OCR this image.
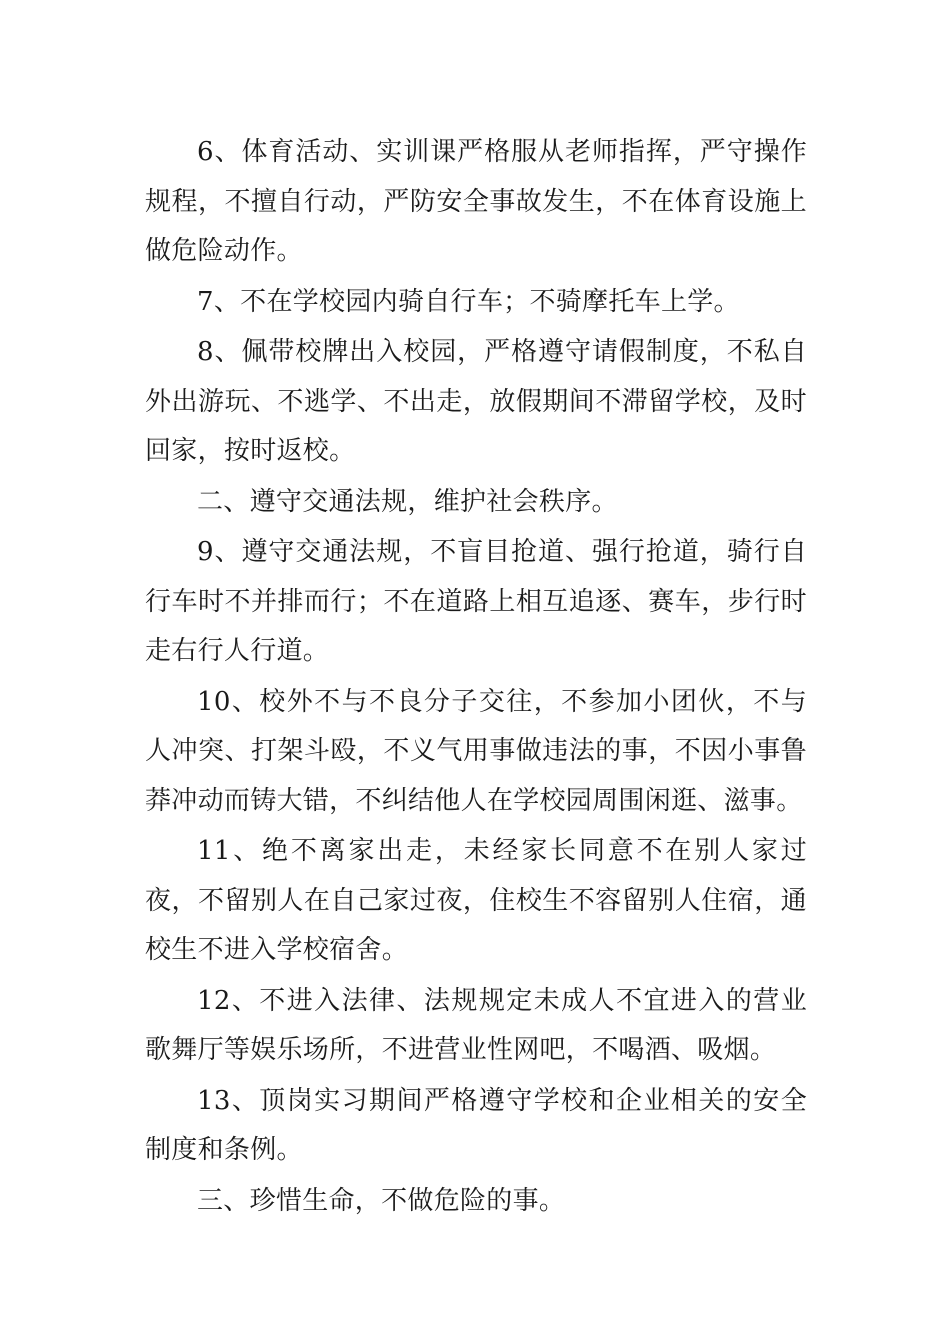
6、体育活动、实训课严格服从老师指挥，严守操作规程，不擅自行动，严防安全事故发生，不在体育设施上做危险动作。

7、不在学校园内骑自行车；不骑摩托车上学。

8、佩带校牌出入校园，严格遵守请假制度，不私自外出游玩、不逃学、不出走，放假期间不滞留学校，及时回家，按时返校。

二、遵守交通法规，维护社会秩序。

9、遵守交通法规，不盲目抢道、强行抢道，骑行自行车时不并排而行；不在道路上相互追逐、赛车，步行时走右行人行道。

10、校外不与不良分子交往，不参加小团伙，不与人冲突、打架斗殴，不义气用事做违法的事，不因小事鲁莽冲动而铸大错，不纠结他人在学校园周围闲逛、滋事。

11、绝不离家出走，未经家长同意不在别人家过夜，不留别人在自己家过夜，住校生不容留别人住宿，通校生不进入学校宿舍。

12、不进入法律、法规规定未成人不宜进入的营业歌舞厅等娱乐场所，不进营业性网吧，不喝酒、吸烟。

13、顶岗实习期间严格遵守学校和企业相关的安全制度和条例。

三、珍惜生命，不做危险的事。
